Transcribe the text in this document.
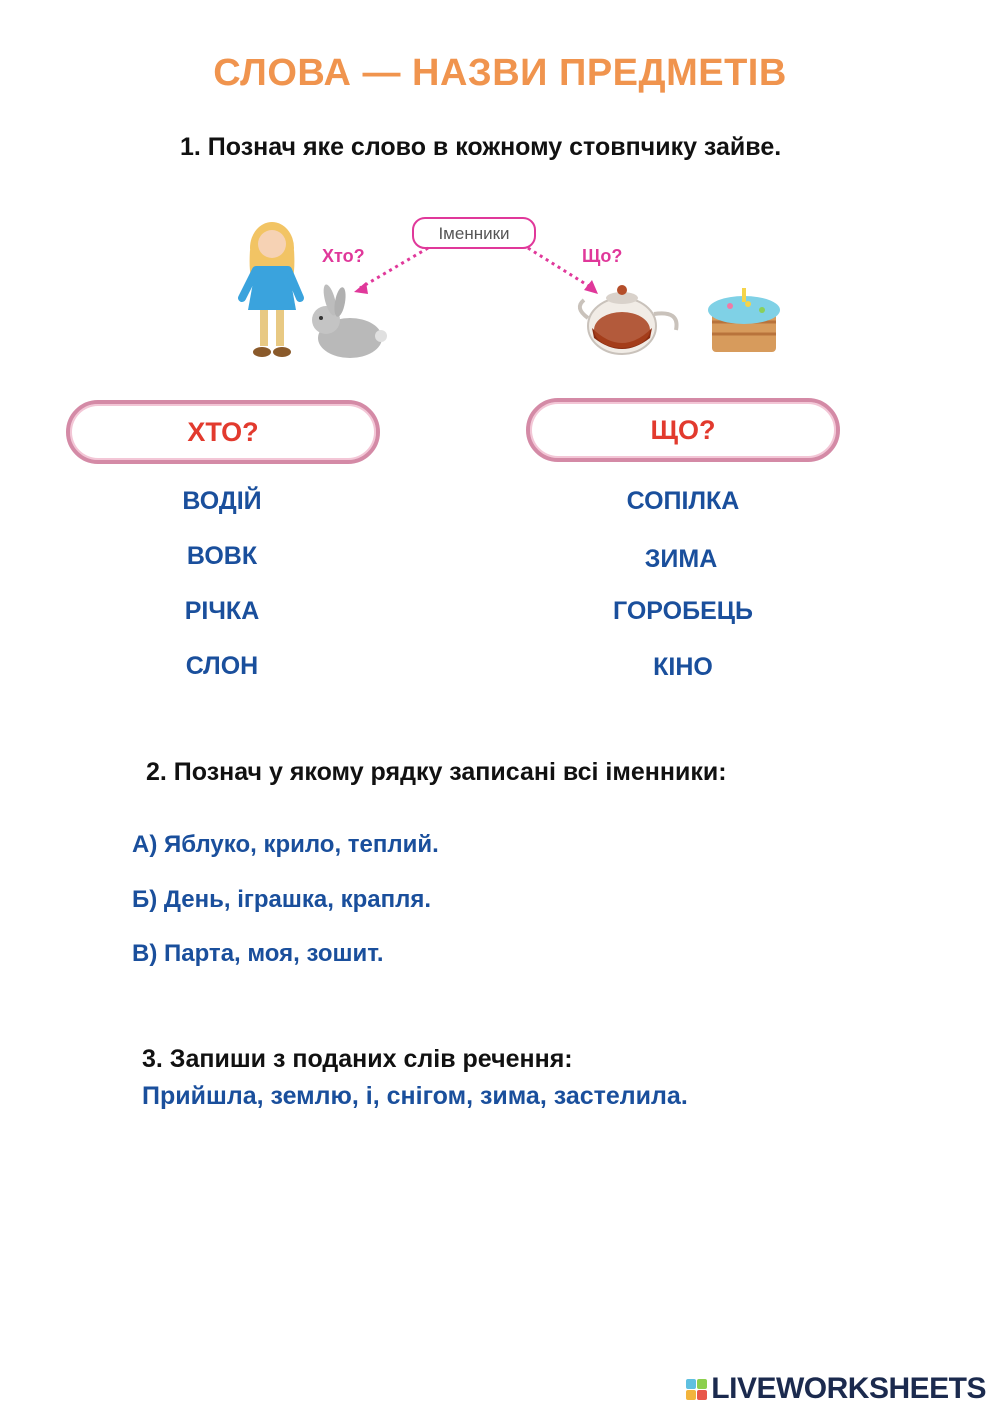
СЛОВА — НАЗВИ ПРЕДМЕТІВ
1. Познач яке слово в кожному стовпчику зайве.
Іменники
Хто?	Що?
ХТО?	ЩО?
ВОДІЙ
ВОВК
РІЧКА
СЛОН
СОПІЛКА
ЗИМА
ГОРОБЕЦЬ
КІНО
2. Познач у якому рядку записані всі іменники:
А) Яблуко, крило, теплий.
Б) День, іграшка, крапля.
В) Парта, моя, зошит.
3. Запиши з поданих слів речення:
Прийшла, землю, і, снігом, зима, застелила.
LIVEWORKSHEETS
